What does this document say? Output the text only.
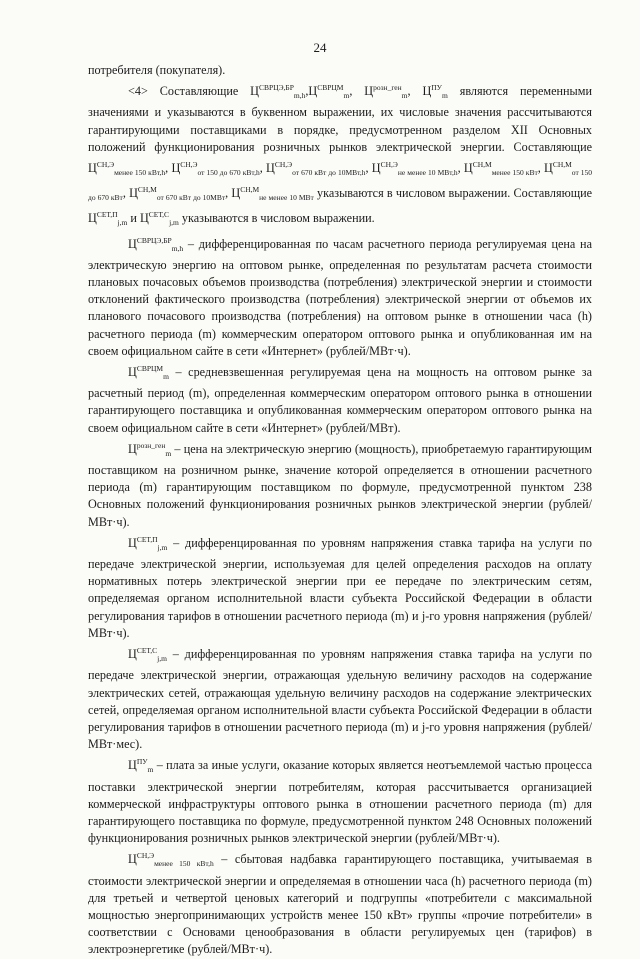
24

потребителя (покупателя).

<4> Составляющие $Ц^{СВРЦЭ,БР}_{m,h},Ц^{СВРЦМ}_m$, $Ц^{розн\_ген}_m$, $Ц^{ПУ}_m$ являются переменными значениями и указываются в буквенном выражении, их числовые значения рассчитываются гарантирующими поставщиками в порядке, предусмотренном разделом XII Основных положений функционирования розничных рынков электрической энергии. Составляющие $Ц^{СН,Э}_{менее 150 кВт,h}$, $Ц^{СН,Э}_{от 150 до 670 кВт,h}$, $Ц^{СН,Э}_{от 670 кВт до 10МВт,h}$, $Ц^{СН,Э}_{не менее 10 МВт,h}$, $Ц^{СН,М}_{менее 150 кВт}$, $Ц^{СН,М}_{от 150 до 670 кВт}$, $Ц^{СН,М}_{от 670 кВт до 10МВт}$, $Ц^{СН,М}_{не менее 10 МВт}$ указываются в числовом выражении. Составляющие $Ц^{СЕТ,П}_{j,m}$ и $Ц^{СЕТ,С}_{j,m}$ указываются в числовом выражении.

$Ц^{СВРЦЭ,БР}_{m,h}$ – дифференцированная по часам расчетного периода регулируемая цена на электрическую энергию на оптовом рынке, определенная по результатам расчета стоимости плановых почасовых объемов производства (потребления) электрической энергии и стоимости отклонений фактического производства (потребления) электрической энергии от объемов их планового почасового производства (потребления) на оптовом рынке в отношении часа (h) расчетного периода (m) коммерческим оператором оптового рынка и опубликованная им на своем официальном сайте в сети «Интернет» (рублей/МВт·ч).

$Ц^{СВРЦМ}_m$ – средневзвешенная регулируемая цена на мощность на оптовом рынке за расчетный период (m), определенная коммерческим оператором оптового рынка в отношении гарантирующего поставщика и опубликованная коммерческим оператором оптового рынка на своем официальном сайте в сети «Интернет» (рублей/МВт).

$Ц^{розн\_ген}_m$ – цена на электрическую энергию (мощность), приобретаемую гарантирующим поставщиком на розничном рынке, значение которой определяется в отношении расчетного периода (m) гарантирующим поставщиком по формуле, предусмотренной пунктом 238 Основных положений функционирования розничных рынков электрической энергии (рублей/МВт·ч).

$Ц^{СЕТ,П}_{j,m}$ – дифференцированная по уровням напряжения ставка тарифа на услуги по передаче электрической энергии, используемая для целей определения расходов на оплату нормативных потерь электрической энергии при ее передаче по электрическим сетям, определяемая органом исполнительной власти субъекта Российской Федерации в области регулирования тарифов в отношении расчетного периода (m) и j-го уровня напряжения (рублей/МВт·ч).

$Ц^{СЕТ,С}_{j,m}$ – дифференцированная по уровням напряжения ставка тарифа на услуги по передаче электрической энергии, отражающая удельную величину расходов на содержание электрических сетей, отражающая удельную величину расходов на содержание электрических сетей, определяемая органом исполнительной власти субъекта Российской Федерации в области регулирования тарифов в отношении расчетного периода (m) и j-го уровня напряжения (рублей/МВт·мес).

$Ц^{ПУ}_m$ – плата за иные услуги, оказание которых является неотъемлемой частью процесса поставки электрической энергии потребителям, которая рассчитывается организацией коммерческой инфраструктуры оптового рынка в отношении расчетного периода (m) для гарантирующего поставщика по формуле, предусмотренной пунктом 248 Основных положений функционирования розничных рынков электрической энергии (рублей/МВт·ч).

$Ц^{СН,Э}_{менее 150 кВт,h}$ – сбытовая надбавка гарантирующего поставщика, учитываемая в стоимости электрической энергии и определяемая в отношении часа (h) расчетного периода (m) для третьей и четвертой ценовых категорий и подгруппы «потребители с максимальной мощностью энергопринимающих устройств менее 150 кВт» группы «прочие потребители» в соответствии с Основами ценообразования в области регулируемых цен (тарифов) в электроэнергетике (рублей/МВт·ч).
